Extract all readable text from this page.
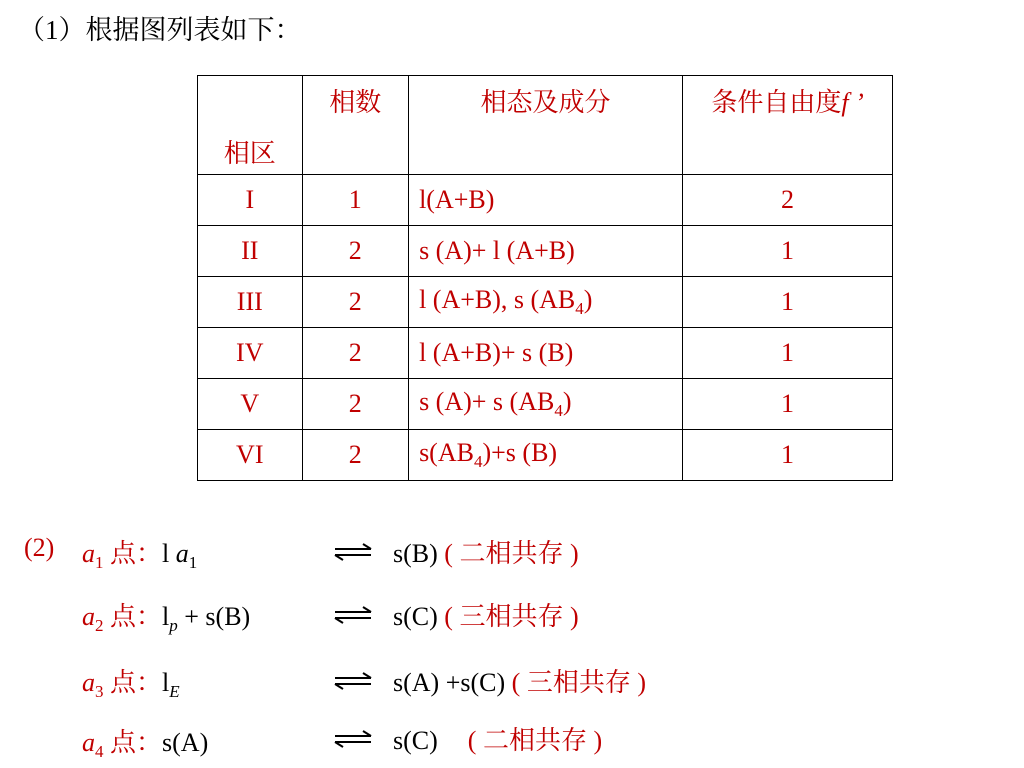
（1）根据图列表如下：
相区	相数	相态及成分	条件自由度f ’
I	1	l(A+B)	2
II	2	s (A)+ l (A+B)	1
III	2	l (A+B), s $(AB_4)$	1
IV	2	l (A+B)+ s (B)	1
V	2	s (A)+ s $(AB_4)$	1
VI	2	$s(AB_4)+s$ (B)	1
(2) $a_1$ 点：l $a_1$ ⇌ s(B) ( 二相共存 )
$a_2$ 点：$l_p + s(B)$	⇌ s(C) ( 三相共存 )
$a_3$ 点：$l_E$ ⇌ s(A) +s(C) ( 三相共存 )
$a_4$ 点：s(A)	⇌ s(C) ( 二相共存 )
